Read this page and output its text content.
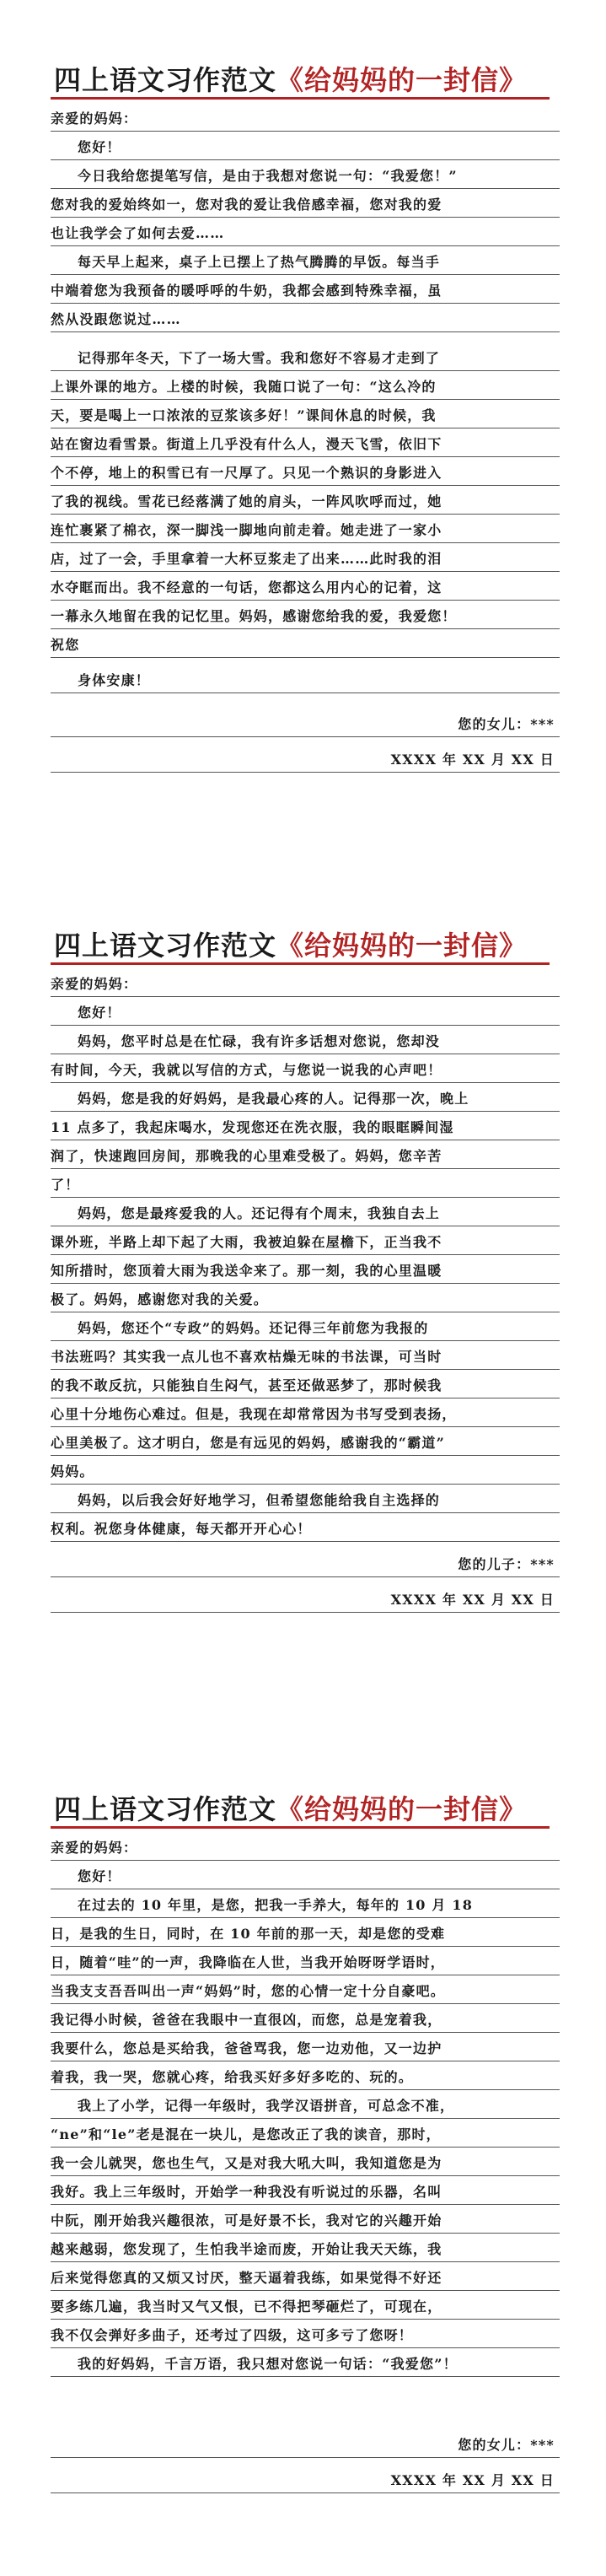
四上语文习作范文《给妈妈的一封信》
亲爱的妈妈：
您好！
今日我给您提笔写信，是由于我想对您说一句：“我爱您！”
您对我的爱始终如一，您对我的爱让我倍感幸福，您对我的爱
也让我学会了如何去爱……
每天早上起来，桌子上已摆上了热气腾腾的早饭。每当手
中端着您为我预备的暖呼呼的牛奶，我都会感到特殊幸福，虽
然从没跟您说过……
记得那年冬天，下了一场大雪。我和您好不容易才走到了
上课外课的地方。上楼的时候，我随口说了一句：“这么冷的
天，要是喝上一口浓浓的豆浆该多好！”课间休息的时候，我
站在窗边看雪景。街道上几乎没有什么人，漫天飞雪，依旧下
个不停，地上的积雪已有一尺厚了。只见一个熟识的身影进入
了我的视线。雪花已经落满了她的肩头，一阵风吹呼而过，她
连忙裹紧了棉衣，深一脚浅一脚地向前走着。她走进了一家小
店，过了一会，手里拿着一大杯豆浆走了出来……此时我的泪
水夺眶而出。我不经意的一句话，您都这么用内心的记着，这
一幕永久地留在我的记忆里。妈妈，感谢您给我的爱，我爱您！
祝您
身体安康！
您的女儿：***
XXXX 年 XX 月 XX 日
四上语文习作范文《给妈妈的一封信》
亲爱的妈妈：
您好！
妈妈，您平时总是在忙碌，我有许多话想对您说，您却没
有时间，今天，我就以写信的方式，与您说一说我的心声吧！
妈妈，您是我的好妈妈，是我最心疼的人。记得那一次，晚上
11 点多了，我起床喝水，发现您还在洗衣服，我的眼眶瞬间湿
润了，快速跑回房间，那晚我的心里难受极了。妈妈，您辛苦
了！
妈妈，您是最疼爱我的人。还记得有个周末，我独自去上
课外班，半路上却下起了大雨，我被迫躲在屋檐下，正当我不
知所措时，您顶着大雨为我送伞来了。那一刻，我的心里温暖
极了。妈妈，感谢您对我的关爱。
妈妈，您还个“专政”的妈妈。还记得三年前您为我报的
书法班吗？其实我一点儿也不喜欢枯燥无味的书法课，可当时
的我不敢反抗，只能独自生闷气，甚至还做恶梦了，那时候我
心里十分地伤心难过。但是，我现在却常常因为书写受到表扬，
心里美极了。这才明白，您是有远见的妈妈，感谢我的“霸道”
妈妈。
妈妈，以后我会好好地学习，但希望您能给我自主选择的
权利。祝您身体健康，每天都开开心心！
您的儿子：***
XXXX 年 XX 月 XX 日
四上语文习作范文《给妈妈的一封信》
亲爱的妈妈：
您好！
在过去的 10 年里，是您，把我一手养大，每年的 10 月 18
日，是我的生日，同时，在 10 年前的那一天，却是您的受难
日，随着“哇”的一声，我降临在人世，当我开始呀呀学语时，
当我支支吾吾叫出一声“妈妈”时，您的心情一定十分自豪吧。
我记得小时候，爸爸在我眼中一直很凶，而您，总是宠着我，
我要什么，您总是买给我，爸爸骂我，您一边劝他，又一边护
着我，我一哭，您就心疼，给我买好多好多吃的、玩的。
我上了小学，记得一年级时，我学汉语拼音，可总念不准，
“ne”和“le”老是混在一块儿，是您改正了我的读音，那时，
我一会儿就哭，您也生气，又是对我大吼大叫，我知道您是为
我好。我上三年级时，开始学一种我没有听说过的乐器，名叫
中阮，刚开始我兴趣很浓，可是好景不长，我对它的兴趣开始
越来越弱，您发现了，生怕我半途而废，开始让我天天练，我
后来觉得您真的又烦又讨厌，整天逼着我练，如果觉得不好还
要多练几遍，我当时又气又恨，已不得把琴砸烂了，可现在，
我不仅会弹好多曲子，还考过了四级，这可多亏了您呀！
我的好妈妈，千言万语，我只想对您说一句话：“我爱您”！
您的女儿：***
XXXX 年 XX 月 XX 日
